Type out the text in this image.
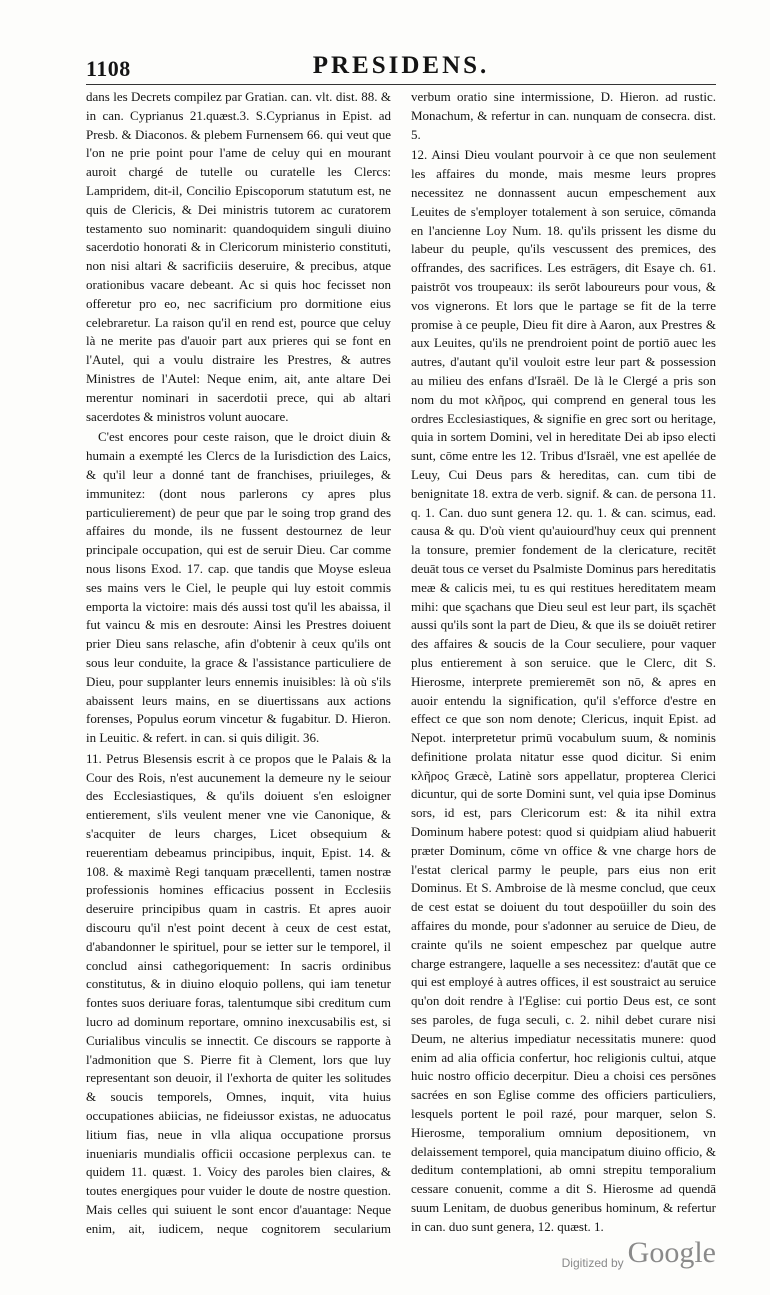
1108	PRESIDENS.

dans les Decrets compilez par Gratian. can. vlt. dist. 88. & in can. Cyprianus 21.quæst.3. S.Cyprianus in Epist. ad Presb. & Diaconos. & plebem Furnensem 66. qui veut que l'on ne prie point pour l'ame de celuy qui en mourant auroit chargé de tutelle ou curatelle les Clercs: Lampridem, dit-il, Concilio Episcoporum statutum est, ne quis de Clericis, & Dei ministris tutorem ac curatorem testamento suo nominarit: quandoquidem singuli diuino sacerdotio honorati & in Clericorum ministerio constituti, non nisi altari & sacrificiis deseruire, & precibus, atque orationibus vacare debeant. Ac si quis hoc fecisset non offeretur pro eo, nec sacrificium pro dormitione eius celebraretur. La raison qu'il en rend est, pource que celuy là ne merite pas d'auoir part aux prieres qui se font en l'Autel, qui a voulu distraire les Prestres, & autres Ministres de l'Autel: Neque enim, ait, ante altare Dei merentur nominari in sacerdotii prece, qui ab altari sacerdotes & ministros volunt auocare.

C'est encores pour ceste raison, que le droict diuin & humain a exempté les Clercs de la Iurisdiction des Laics, & qu'il leur a donné tant de franchises, priuileges, & immunitez: (dont nous parlerons cy apres plus particulierement) de peur que par le soing trop grand des affaires du monde, ils ne fussent destournez de leur principale occupation, qui est de seruir Dieu. Car comme nous lisons Exod. 17. cap. que tandis que Moyse esleua ses mains vers le Ciel, le peuple qui luy estoit commis emporta la victoire: mais dés aussi tost qu'il les abaissa, il fut vaincu & mis en desroute: Ainsi les Prestres doiuent prier Dieu sans relasche, afin d'obtenir à ceux qu'ils ont sous leur conduite, la grace & l'assistance particuliere de Dieu, pour supplanter leurs ennemis inuisibles: là où s'ils abaissent leurs mains, en se diuertissans aux actions forenses, Populus eorum vincetur & fugabitur. D. Hieron. in Leuitic. & refert. in can. si quis diligit. 36.

11. Petrus Blesensis escrit à ce propos que le Palais & la Cour des Rois, n'est aucunement la demeure ny le seiour des Ecclesiastiques, & qu'ils doiuent s'en esloigner entierement, s'ils veulent mener vne vie Canonique, & s'acquiter de leurs charges, Licet obsequium & reuerentiam debeamus principibus, inquit, Epist. 14. & 108. & maximè Regi tanquam præcellenti, tamen nostræ professionis homines efficacius possent in Ecclesiis deseruire principibus quam in castris. Et apres auoir discouru qu'il n'est point decent à ceux de cest estat, d'abandonner le spirituel, pour se ietter sur le temporel, il conclud ainsi cathegoriquement: In sacris ordinibus constitutus, & in diuino eloquio pollens, qui iam tenetur fontes suos deriuare foras, talentumque sibi creditum cum lucro ad dominum reportare, omnino inexcusabilis est, si Curialibus vinculis se innectit. Ce discours se rapporte à l'admonition que S. Pierre fit à Clement, lors que luy representant son deuoir, il l'exhorta de quiter les solitudes & soucis temporels, Omnes, inquit, vita huius occupationes abiicias, ne fideiussor existas, ne aduocatus litium fias, neue in vlla aliqua occupatione prorsus inueniaris mundialis officii occasione perplexus can. te quidem 11. quæst. 1. Voicy des paroles bien claires, & toutes energiques pour vuider le doute de nostre question. Mais celles qui suiuent le sont encor d'auantage: Neque enim, ait, iudicem, neque cognitorem secularium

verbum oratio sine intermissione, D. Hieron. ad rustic. Monachum, & refertur in can. nunquam de consecra. dist. 5.

12. Ainsi Dieu voulant pourvoir à ce que non seulement les affaires du monde, mais mesme leurs propres necessitez ne donnassent aucun empeschement aux Leuites de s'employer totalement à son seruice, cōmanda en l'ancienne Loy Num. 18. qu'ils prissent les disme du labeur du peuple, qu'ils vescussent des premices, des offrandes, des sacrifices. Les estrāgers, dit Esaye ch. 61. paistrōt vos troupeaux: ils serōt laboureurs pour vous, & vos vignerons. Et lors que le partage se fit de la terre promise à ce peuple, Dieu fit dire à Aaron, aux Prestres & aux Leuites, qu'ils ne prendroient point de portiō auec les autres, d'autant qu'il vouloit estre leur part & possession au milieu des enfans d'Israël. De là le Clergé a pris son nom du mot κλῆρος, qui comprend en general tous les ordres Ecclesiastiques, & signifie en grec sort ou heritage, quia in sortem Domini, vel in hereditate Dei ab ipso electi sunt, cōme entre les 12. Tribus d'Israël, vne est apellée de Leuy, Cui Deus pars & hereditas, can. cum tibi de benignitate 18. extra de verb. signif. & can. de persona 11. q. 1. Can. duo sunt genera 12. qu. 1. & can. scimus, ead. causa & qu. D'où vient qu'auiourd'huy ceux qui prennent la tonsure, premier fondement de la clericature, recitēt deuāt tous ce verset du Psalmiste Dominus pars hereditatis meæ & calicis mei, tu es qui restitues hereditatem meam mihi: que sçachans que Dieu seul est leur part, ils sçachēt aussi qu'ils sont la part de Dieu, & que ils se doiuēt retirer des affaires & soucis de la Cour seculiere, pour vaquer plus entierement à son seruice. que le Clerc, dit S. Hierosme, interprete premieremēt son nō, & apres en auoir entendu la signification, qu'il s'efforce d'estre en effect ce que son nom denote; Clericus, inquit Epist. ad Nepot. interpretetur primū vocabulum suum, & nominis definitione prolata nitatur esse quod dicitur. Si enim κλῆρος Græcè, Latinè sors appellatur, propterea Clerici dicuntur, qui de sorte Domini sunt, vel quia ipse Dominus sors, id est, pars Clericorum est: & ita nihil extra Dominum habere potest: quod si quidpiam aliud habuerit præter Dominum, cōme vn office & vne charge hors de l'estat clerical parmy le peuple, pars eius non erit Dominus. Et S. Ambroise de là mesme conclud, que ceux de cest estat se doiuent du tout despoüiller du soin des affaires du monde, pour s'adonner au seruice de Dieu, de crainte qu'ils ne soient empeschez par quelque autre charge estrangere, laquelle a ses necessitez: d'autāt que ce qui est employé à autres offices, il est soustraict au seruice qu'on doit rendre à l'Eglise: cui portio Deus est, ce sont ses paroles, de fuga seculi, c. 2. nihil debet curare nisi Deum, ne alterius impediatur necessitatis munere: quod enim ad alia officia confertur, hoc religionis cultui, atque huic nostro officio decerpitur. Dieu a choisi ces persōnes sacrées en son Eglise comme des officiers particuliers, lesquels portent le poil razé, pour marquer, selon S. Hierosme, temporalium omnium depositionem, vn delaissement temporel, quia mancipatum diuino officio, & deditum contemplationi, ab omni strepitu temporalium cessare conuenit, comme a dit S. Hierosme ad quendā suum Lenitam, de duobus generibus hominum, & refertur in can. duo sunt genera, 12. quæst. 1.

Digitized by Google
